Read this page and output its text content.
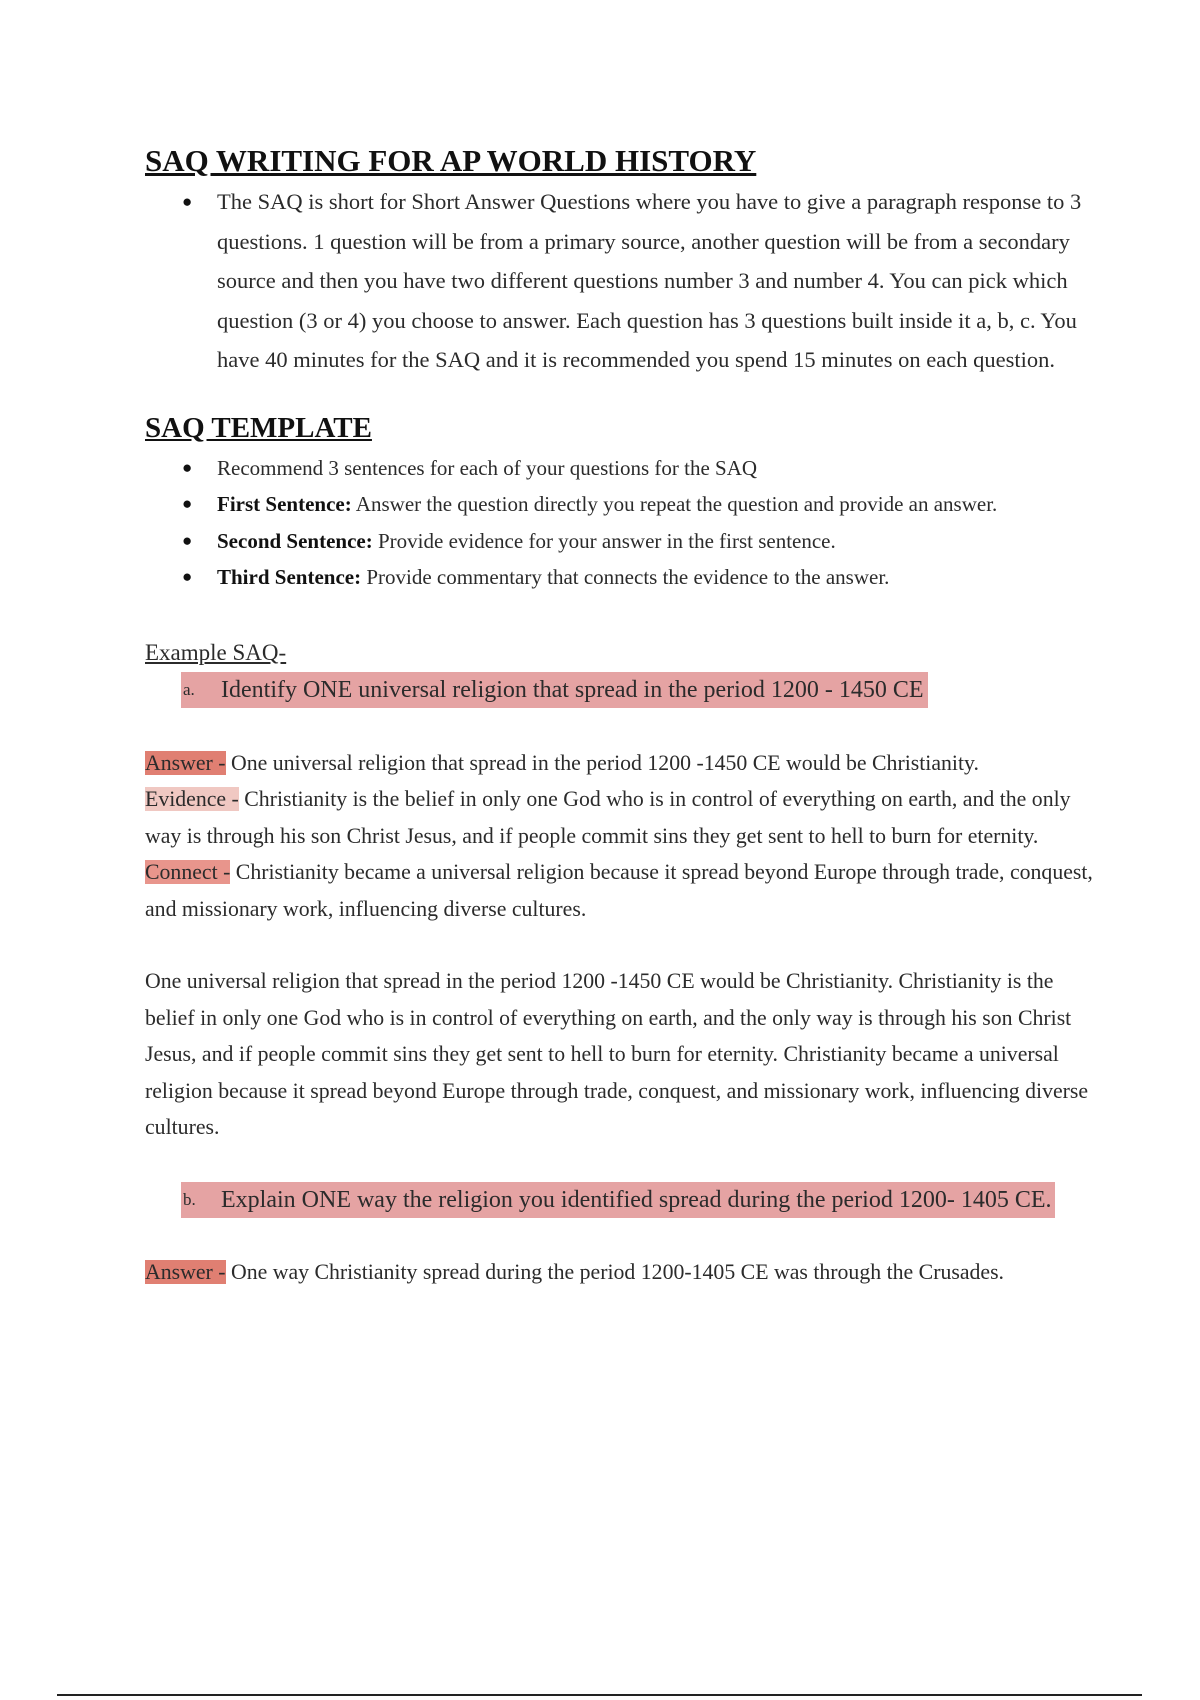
SAQ WRITING FOR AP WORLD HISTORY
● The SAQ is short for Short Answer Questions where you have to give a paragraph response to 3 questions. 1 question will be from a primary source, another question will be from a secondary source and then you have two different questions number 3 and number 4. You can pick which question (3 or 4) you choose to answer. Each question has 3 questions built inside it a, b, c. You have 40 minutes for the SAQ and it is recommended you spend 15 minutes on each question.
SAQ TEMPLATE
● Recommend 3 sentences for each of your questions for the SAQ
● First Sentence: Answer the question directly you repeat the question and provide an answer.
● Second Sentence: Provide evidence for your answer in the first sentence.
● Third Sentence: Provide commentary that connects the evidence to the answer.
Example SAQ-
a. Identify ONE universal religion that spread in the period 1200 - 1450 CE

Answer - One universal religion that spread in the period 1200 -1450 CE would be Christianity.

Evidence - Christianity is the belief in only one God who is in control of everything on earth, and the only way is through his son Christ Jesus, and if people commit sins they get sent to hell to burn for eternity.

Connect - Christianity became a universal religion because it spread beyond Europe through trade, conquest, and missionary work, influencing diverse cultures.

One universal religion that spread in the period 1200 -1450 CE would be Christianity. Christianity is the belief in only one God who is in control of everything on earth, and the only way is through his son Christ Jesus, and if people commit sins they get sent to hell to burn for eternity. Christianity became a universal religion because it spread beyond Europe through trade, conquest, and missionary work, influencing diverse cultures.

b. Explain ONE way the religion you identified spread during the period 1200- 1405 CE.

Answer - One way Christianity spread during the period 1200-1405 CE was through the Crusades.
